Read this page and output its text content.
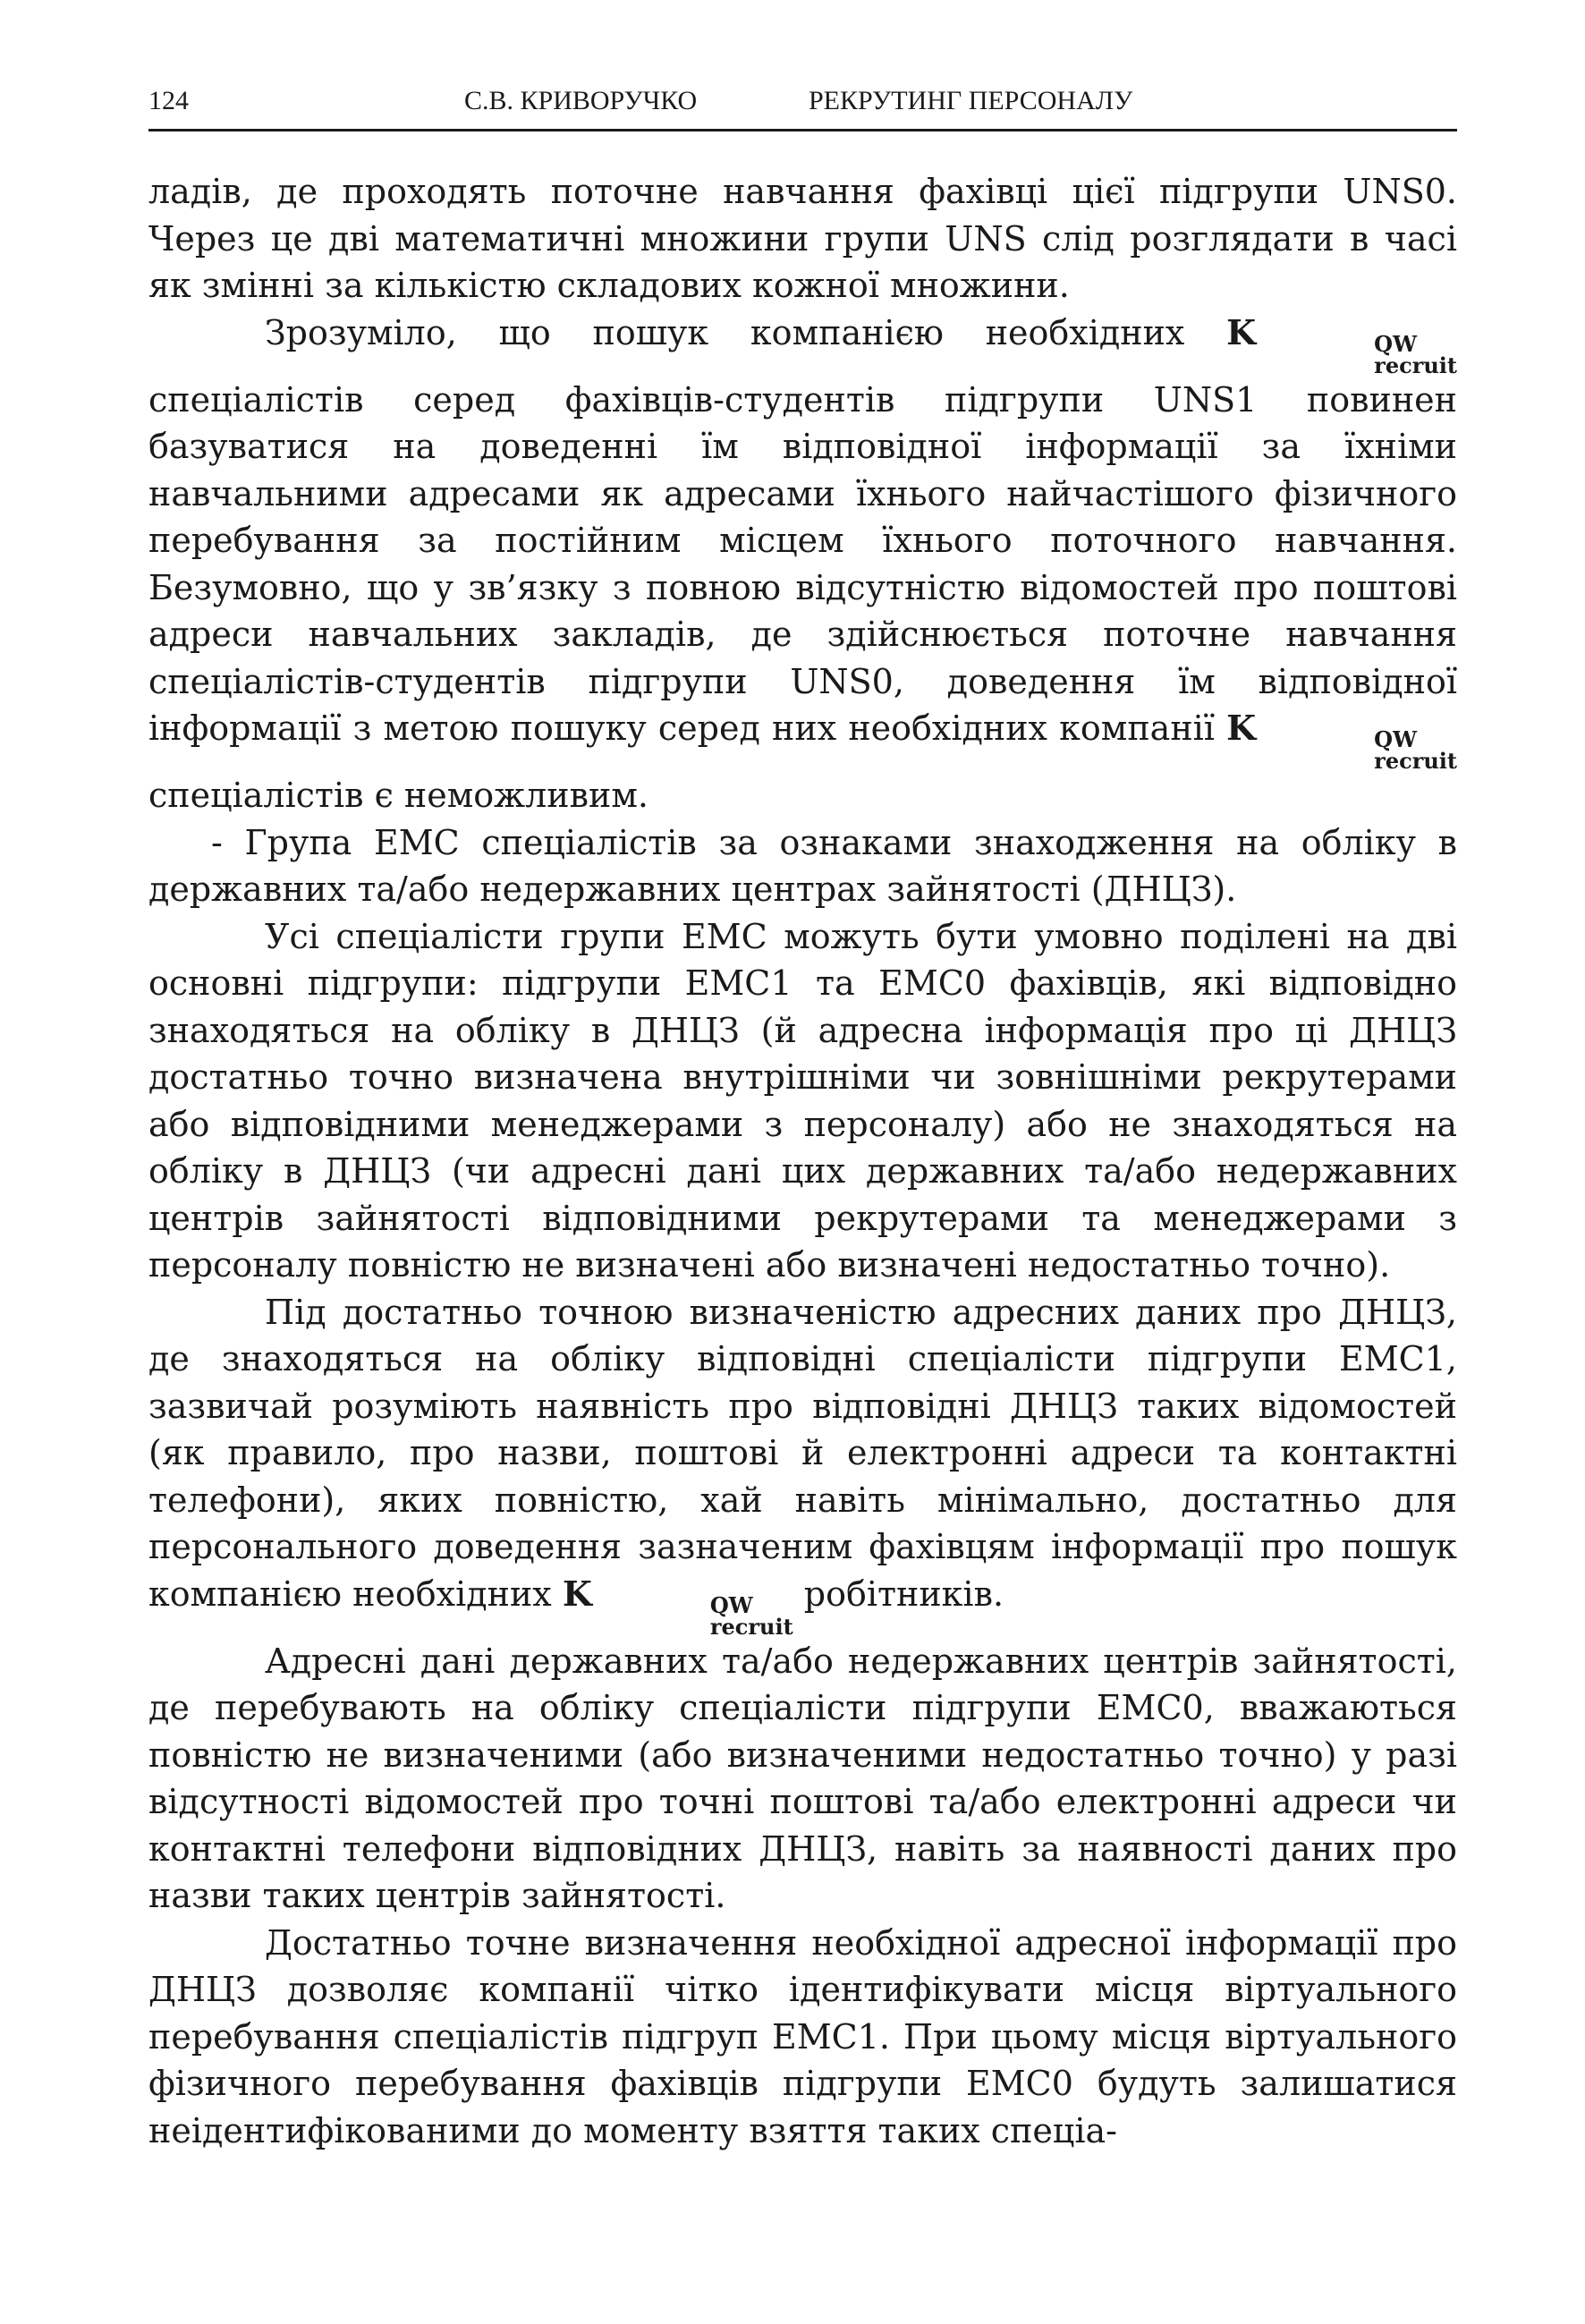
124	С.В. КРИВОРУЧКО	РЕКРУТИНГ ПЕРСОНАЛУ

ладів, де проходять поточне навчання фахівці цієї підгрупи UNS0. Через це дві математичні множини групи UNS слід розглядати в часі як змінні за кількістю складових кожної множини.

Зрозуміло, що пошук компанією необхідних K	QW
recruit
спеціалістів серед фахівців-студентів підгрупи UNS1 повинен базуватися на доведенні їм відповідної інформації за їхніми навчальними адресами як адресами їхнього найчастішого фізичного перебування за постійним місцем їхнього поточного навчання. Безумовно, що у зв’язку з повною відсутністю відомостей про поштові адреси навчальних закладів, де здійснюється поточне навчання спеціалістів-студентів підгрупи UNS0, доведення їм відповідної інформації з метою пошуку серед них необхідних компанії K	QW
recruit
спеціалістів є неможливим.

- Група EMC спеціалістів за ознаками знаходження на обліку в державних та/або недержавних центрах зайнятості (ДНЦЗ).

Усі спеціалісти групи EMC можуть бути умовно поділені на дві основні підгрупи: підгрупи EMC1 та EMC0 фахівців, які відповідно знаходяться на обліку в ДНЦЗ (й адресна інформація про ці ДНЦЗ достатньо точно визначена внутрішніми чи зовнішніми рекрутерами або відповідними менеджерами з персоналу) або не знаходяться на обліку в ДНЦЗ (чи адресні дані цих державних та/або недержавних центрів зайнятості відповідними рекрутерами та менеджерами з персоналу повністю не визначені або визначені недостатньо точно).

Під достатньо точною визначеністю адресних даних про ДНЦЗ, де знаходяться на обліку відповідні спеціалісти підгрупи EMC1, зазвичай розуміють наявність про відповідні ДНЦЗ таких відомостей (як правило, про назви, поштові й електронні адреси та контактні телефони), яких повністю, хай навіть мінімально, достатньо для персонального доведення зазначеним фахівцям інформації про пошук компанією необхідних K	QW
recruit
робітників.

Адресні дані державних та/або недержавних центрів зайнятості, де перебувають на обліку спеціалісти підгрупи EMC0, вважаються повністю не визначеними (або визначеними недостатньо точно) у разі відсутності відомостей про точні поштові та/або електронні адреси чи контактні телефони відповідних ДНЦЗ, навіть за наявності даних про назви таких центрів зайнятості.

Достатньо точне визначення необхідної адресної інформації про ДНЦЗ дозволяє компанії чітко ідентифікувати місця віртуального перебування спеціалістів підгруп EMC1. При цьому місця віртуального фізичного перебування фахівців підгрупи EMC0 будуть залишатися неідентифікованими до моменту взяття таких спеціа-
